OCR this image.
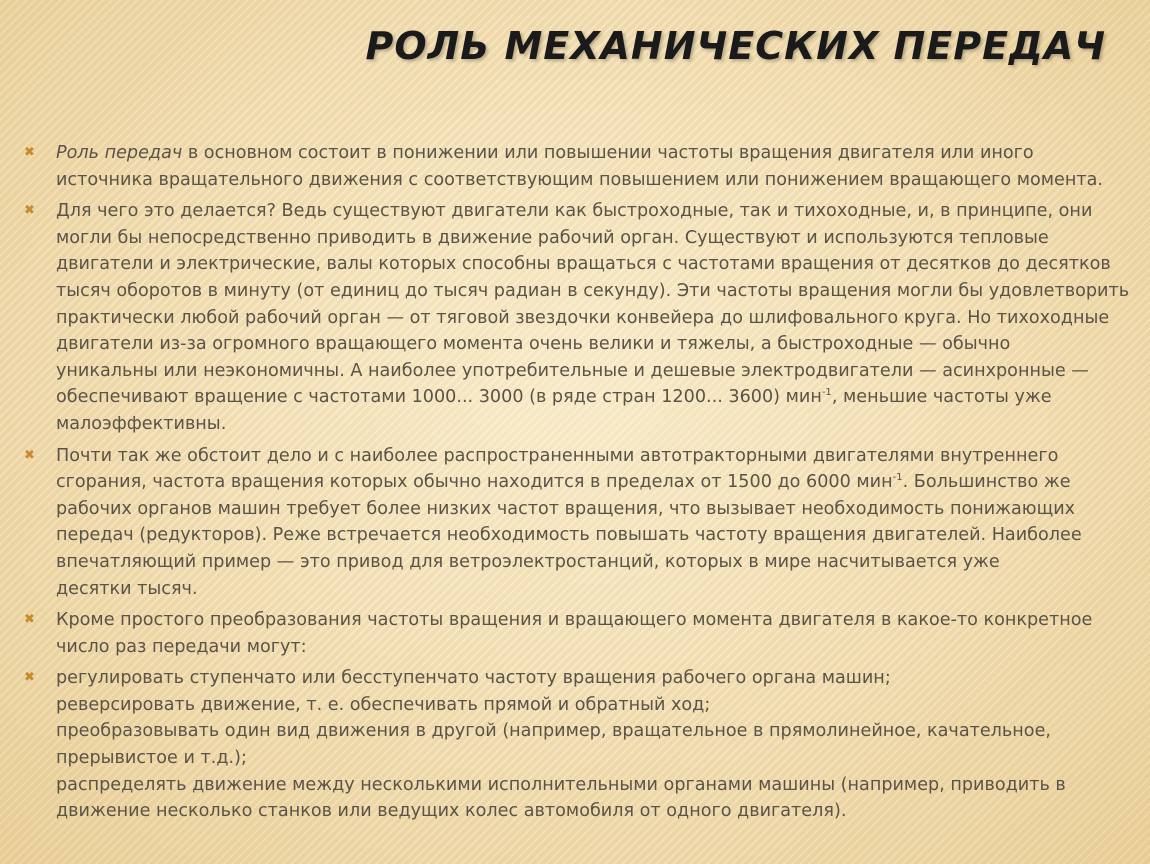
РОЛЬ МЕХАНИЧЕСКИХ ПЕРЕДАЧ
✖ Роль передач в основном состоит в понижении или повышении частоты вращения двигателя или иного
источника вращательного движения с соответствующим повышением или понижением вращающего момента.
✖ Для чего это делается? Ведь существуют двигатели как быстроходные, так и тихоходные, и, в принципе, они
могли бы непосредственно приводить в движение рабочий орган. Существуют и используются тепловые
двигатели и электрические, валы которых способны вращаться с частотами вращения от десятков до десятков
тысяч оборотов в минуту (от единиц до тысяч радиан в секунду). Эти частоты вращения могли бы удовлетворить
практически любой рабочий орган — от тяговой звездочки конвейера до шлифовального круга. Но тихоходные
двигатели из-за огромного вращающего момента очень велики и тяжелы, а быстроходные — обычно
уникальны или неэкономичны. А наиболее употребительные и дешевые электродвигатели — асинхронные —
обеспечивают вращение с частотами 1000... 3000 (в ряде стран 1200... 3600) мин$^{-1}$, меньшие частоты уже
малоэффективны.
✖ Почти так же обстоит дело и с наиболее распространенными автотракторными двигателями внутреннего
сгорания, частота вращения которых обычно находится в пределах от 1500 до 6000 мин$^{-1}$. Большинство же
рабочих органов машин требует более низких частот вращения, что вызывает необходимость понижающих
передач (редукторов). Реже встречается необходимость повышать частоту вращения двигателей. Наиболее
впечатляющий пример — это привод для ветроэлектростанций, которых в мире насчитывается уже
десятки тысяч.
✖ Кроме простого преобразования частоты вращения и вращающего момента двигателя в какое-то конкретное
число раз передачи могут:
✖ регулировать ступенчато или бесступенчато частоту вращения рабочего органа машин;
реверсировать движение, т. е. обеспечивать прямой и обратный ход;
преобразовывать один вид движения в другой (например, вращательное в прямолинейное, качательное,
прерывистое и т.д.);
распределять движение между несколькими исполнительными органами машины (например, приводить в
движение несколько станков или ведущих колес автомобиля от одного двигателя).
